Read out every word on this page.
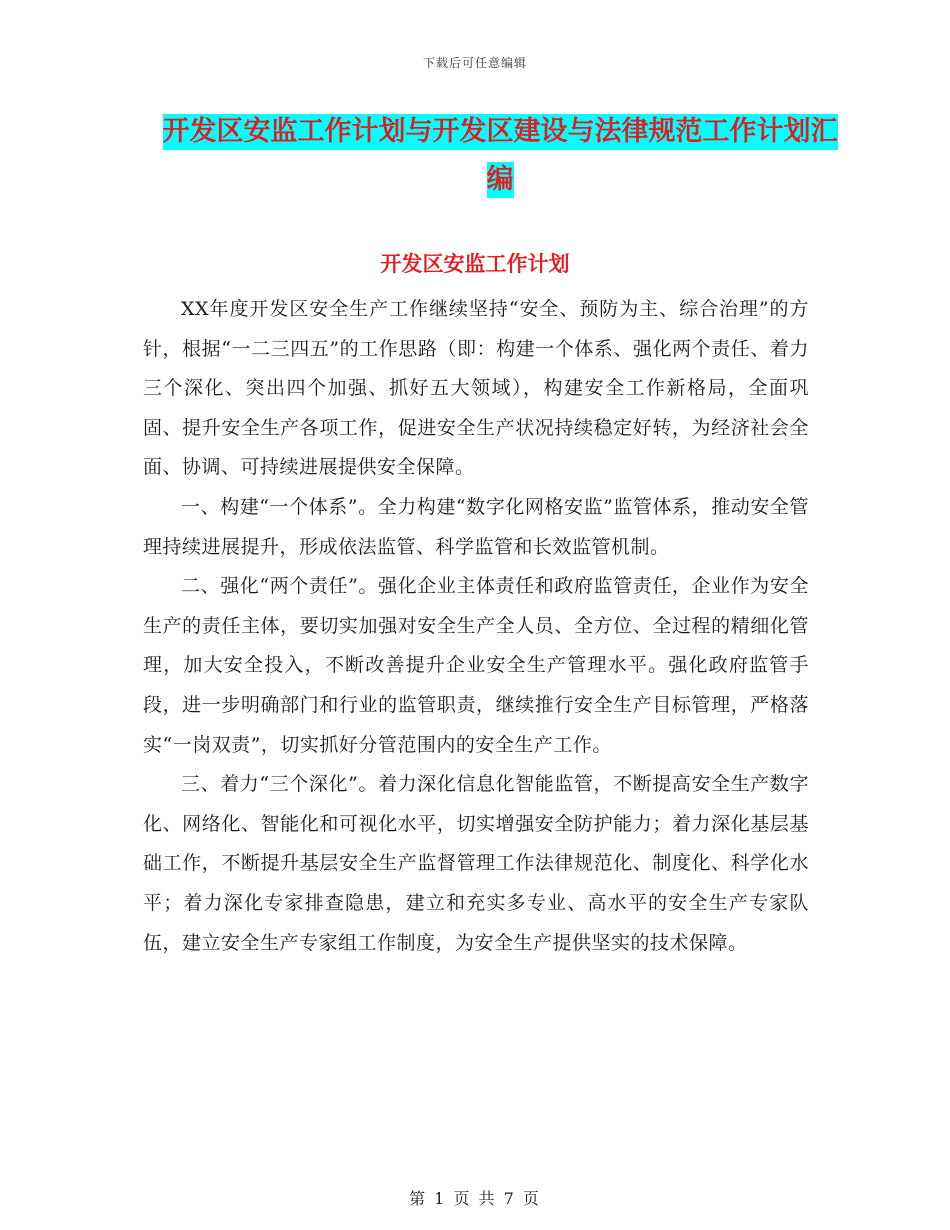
下载后可任意编辑
开发区安监工作计划与开发区建设与法律规范工作计划汇编
开发区安监工作计划

XX年度开发区安全生产工作继续坚持“安全、预防为主、综合治理”的方针，根据“一二三四五”的工作思路（即：构建一个体系、强化两个责任、着力三个深化、突出四个加强、抓好五大领域），构建安全工作新格局，全面巩固、提升安全生产各项工作，促进安全生产状况持续稳定好转，为经济社会全面、协调、可持续进展提供安全保障。

一、构建“一个体系”。全力构建“数字化网格安监”监管体系，推动安全管理持续进展提升，形成依法监管、科学监管和长效监管机制。

二、强化“两个责任”。强化企业主体责任和政府监管责任，企业作为安全生产的责任主体，要切实加强对安全生产全人员、全方位、全过程的精细化管理，加大安全投入，不断改善提升企业安全生产管理水平。强化政府监管手段，进一步明确部门和行业的监管职责，继续推行安全生产目标管理，严格落实“一岗双责”，切实抓好分管范围内的安全生产工作。

三、着力“三个深化”。着力深化信息化智能监管，不断提高安全生产数字化、网络化、智能化和可视化水平，切实增强安全防护能力；着力深化基层基础工作，不断提升基层安全生产监督管理工作法律规范化、制度化、科学化水平；着力深化专家排查隐患，建立和充实多专业、高水平的安全生产专家队伍，建立安全生产专家组工作制度，为安全生产提供坚实的技术保障。

第 1 页 共 7 页
